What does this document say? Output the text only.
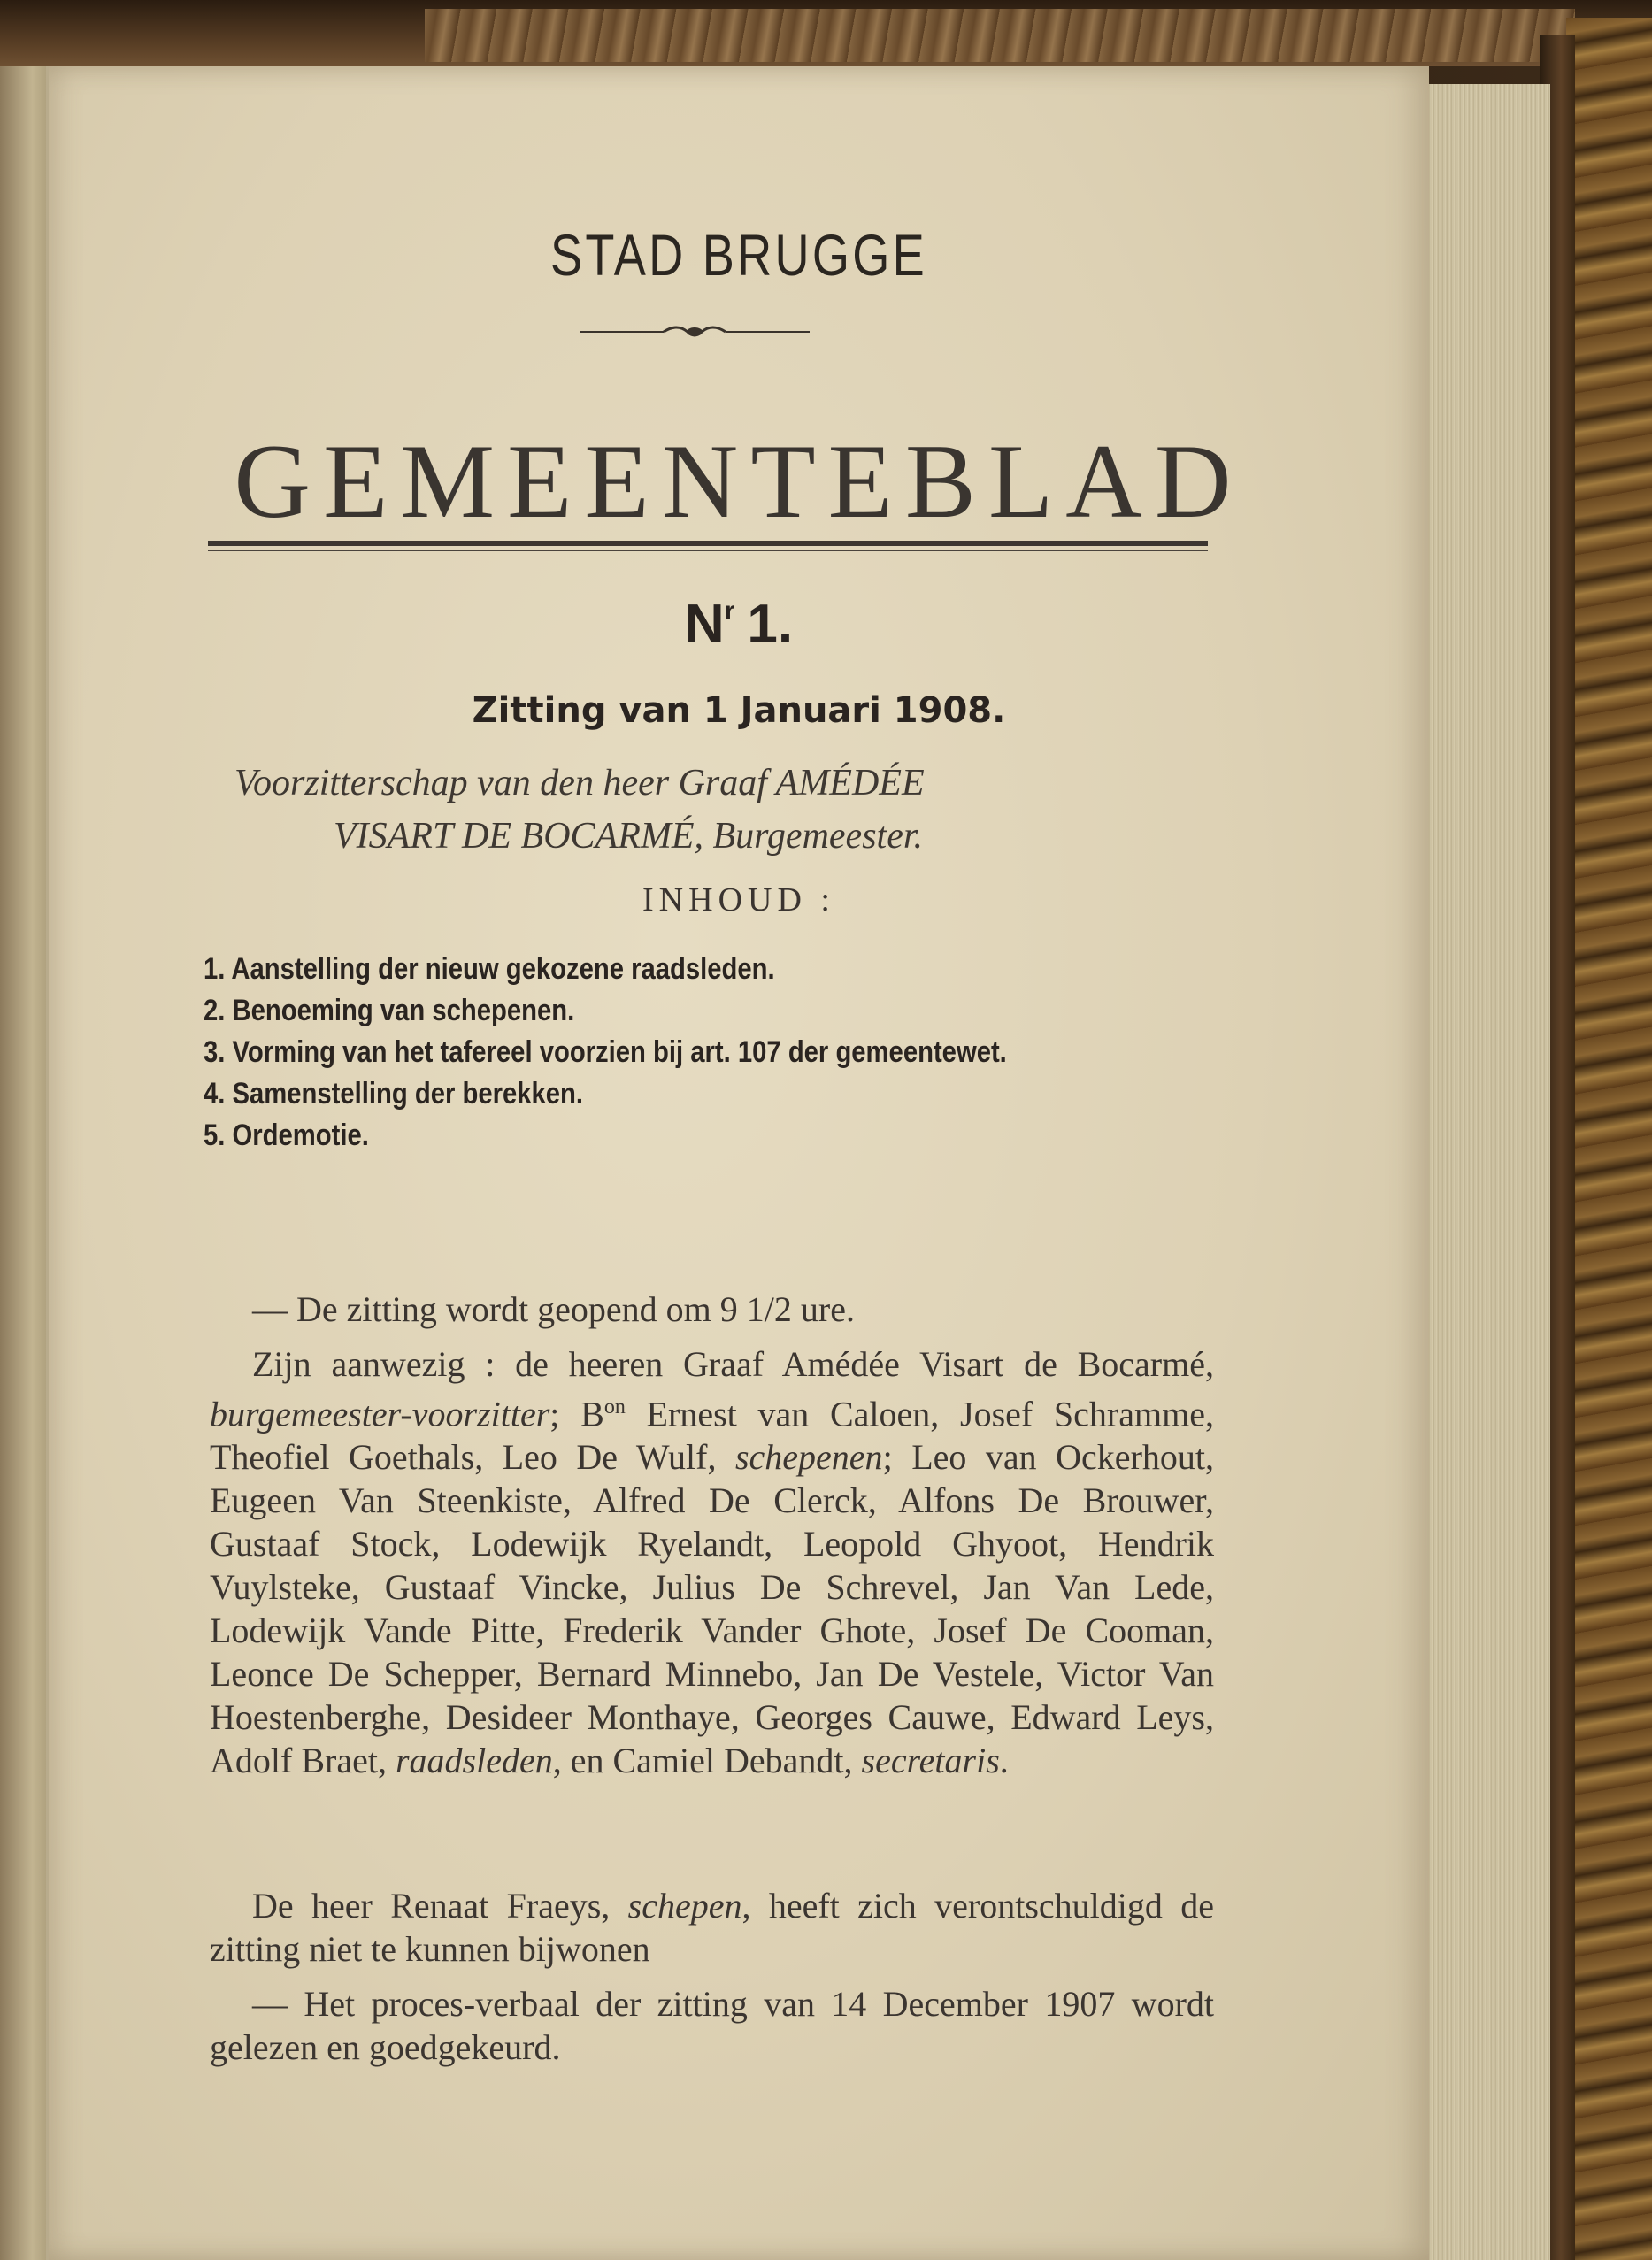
STAD BRUGGE
GEMEENTEBLAD
$N^r$ 1.
Zitting van 1 Januari 1908.
Voorzitterschap van den heer Graaf AMÉDÉE
VISART DE BOCARMÉ, Burgemeester.
INHOUD :
1. Aanstelling der nieuw gekozene raadsleden.
2. Benoeming van schepenen.
3. Vorming van het tafereel voorzien bij art. 107 der gemeentewet.
4. Samenstelling der berekken.
5. Ordemotie.

— De zitting wordt geopend om 9 1/2 ure.

Zijn aanwezig : de heeren Graaf Amédée Visart de Bocarmé, burgemeester-voorzitter; $B^{on}$ Ernest van Caloen, Josef Schramme, Theofiel Goethals, Leo De Wulf, schepenen; Leo van Ockerhout, Eugeen Van Steenkiste, Alfred De Clerck, Alfons De Brouwer, Gustaaf Stock, Lodewijk Ryelandt, Leopold Ghyoot, Hendrik Vuylsteke, Gustaaf Vincke, Julius De Schrevel, Jan Van Lede, Lodewijk Vande Pitte, Frederik Vander Ghote, Josef De Cooman, Leonce De Schepper, Bernard Minnebo, Jan De Vestele, Victor Van Hoestenberghe, Desideer Monthaye, Georges Cauwe, Edward Leys, Adolf Braet, raadsleden, en Camiel Debandt, secretaris.

De heer Renaat Fraeys, schepen, heeft zich verontschuldigd de zitting niet te kunnen bijwonen

— Het proces-verbaal der zitting van 14 December 1907 wordt gelezen en goedgekeurd.
